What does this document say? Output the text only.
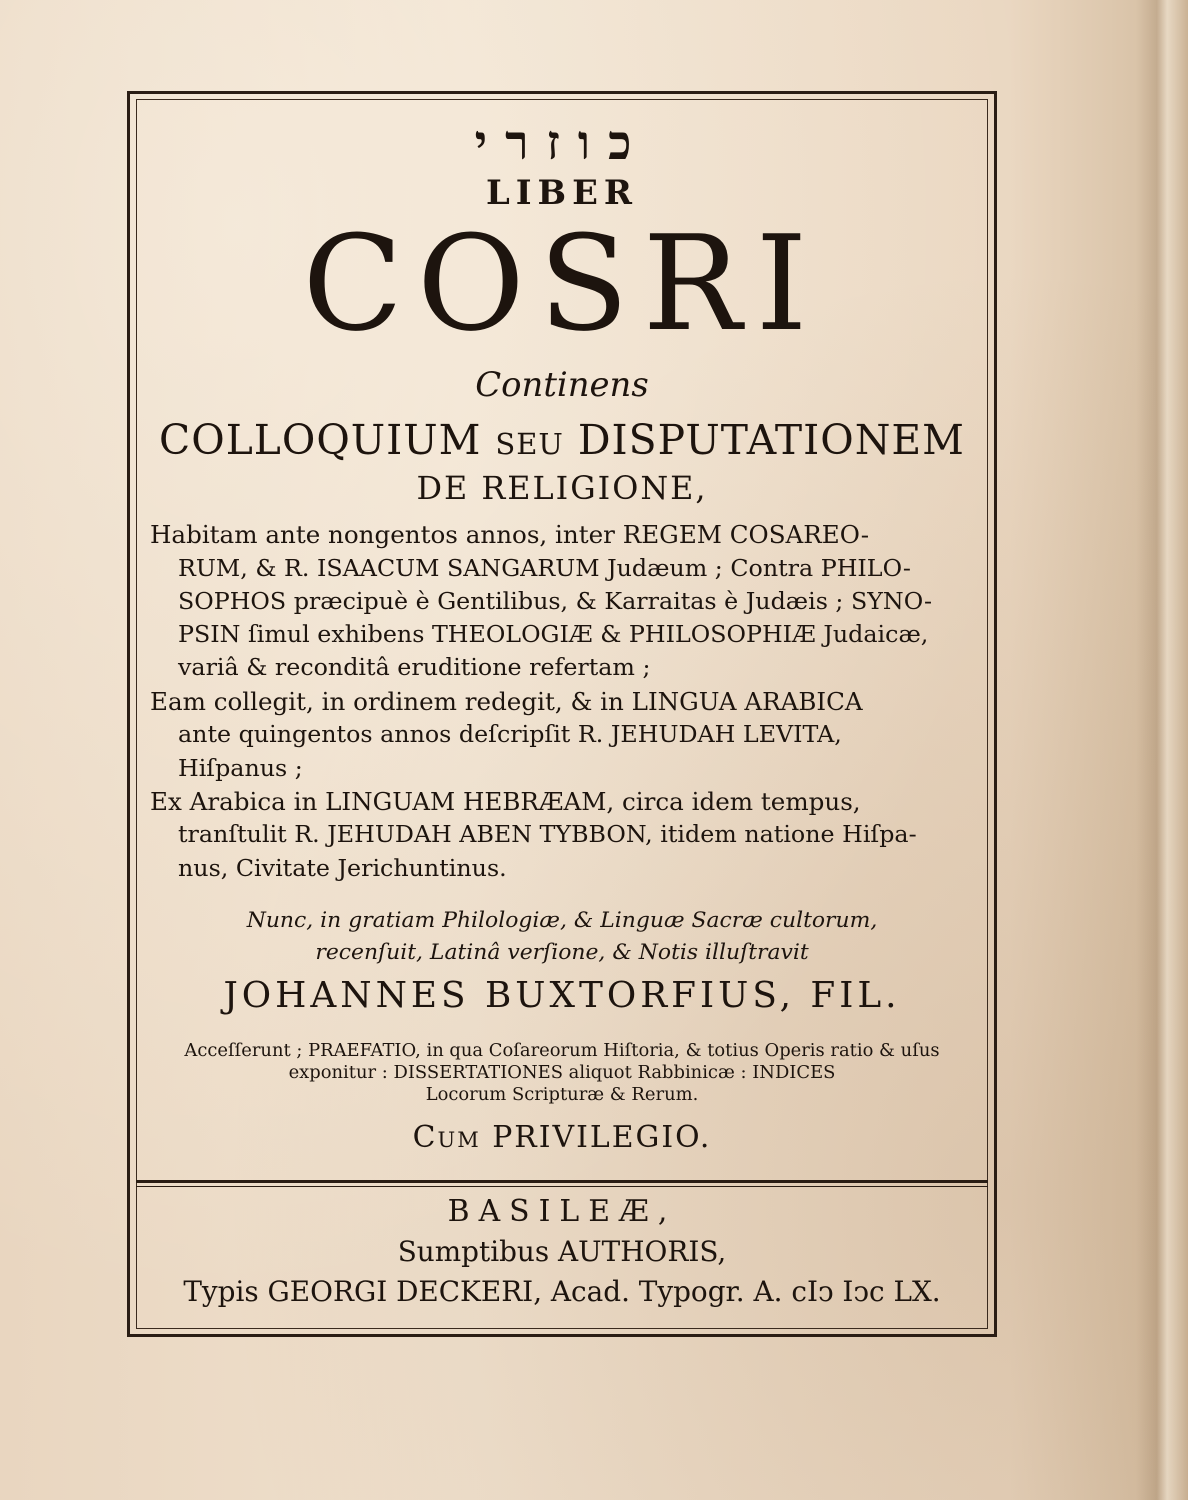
כוזרי
LIBER
COSRI
Continens
COLLOQUIUM seu DISPUTATIONEM
DE RELIGIONE,
Habitam ante nongentos annos, inter REGEM COSAREO-
RUM, & R. ISAACUM SANGARUM Judæum ; Contra PHILO-
SOPHOS præcipuè è Gentilibus, & Karraitas è Judæis ; SYNO-
PSIN ſimul exhibens THEOLOGIÆ & PHILOSOPHIÆ Judaicæ,
variâ & reconditâ eruditione refertam ;
Eam collegit, in ordinem redegit, & in LINGUA ARABICA
ante quingentos annos deſcripſit R. JEHUDAH LEVITA,
Hiſpanus ;
Ex Arabica in LINGUAM HEBRÆAM, circa idem tempus,
tranſtulit R. JEHUDAH ABEN TYBBON, itidem natione Hiſpa-
nus, Civitate Jerichuntinus.
Nunc, in gratiam Philologiæ, & Linguæ Sacræ cultorum,
recenſuit, Latinâ verſione, & Notis illuſtravit
JOHANNES BUXTORFIUS, FIL.
Acceſſerunt ; PRAEFATIO, in qua Coſareorum Hiſtoria, & totius Operis ratio & uſus
exponitur : DISSERTATIONES aliquot Rabbinicæ : INDICES
Locorum Scripturæ & Rerum.
Cum PRIVILEGIO.
BASILEÆ,
Sumptibus AUTHORIS,
Typis GEORGI DECKERI, Acad. Typogr. A. cIↄ Iↄc LX.
